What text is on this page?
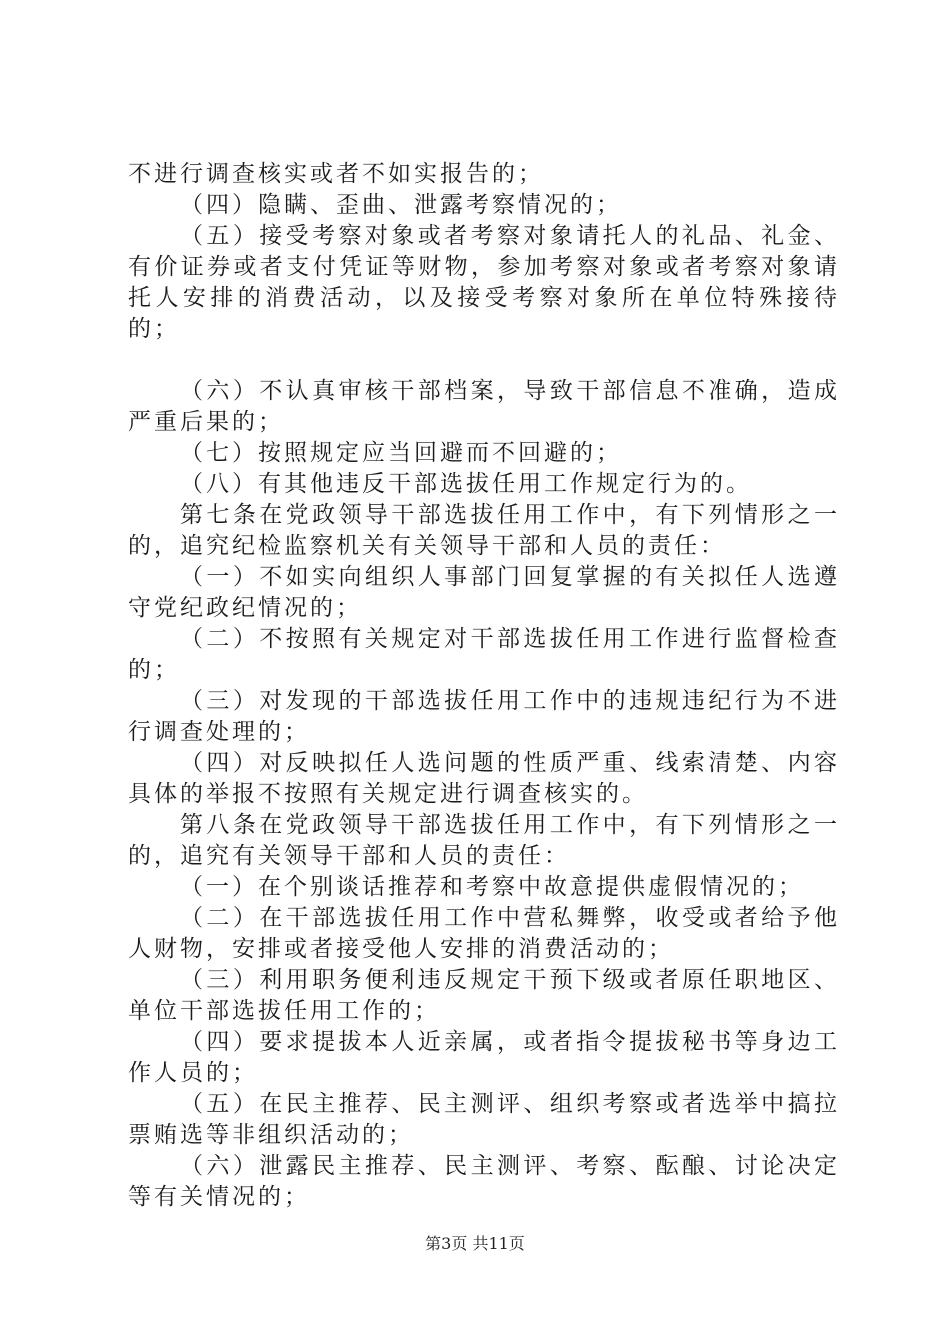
不进行调查核实或者不如实报告的；

（四）隐瞒、歪曲、泄露考察情况的；

（五）接受考察对象或者考察对象请托人的礼品、礼金、有价证券或者支付凭证等财物，参加考察对象或者考察对象请托人安排的消费活动，以及接受考察对象所在单位特殊接待的；

（六）不认真审核干部档案，导致干部信息不准确，造成严重后果的；

（七）按照规定应当回避而不回避的；

（八）有其他违反干部选拔任用工作规定行为的。

第七条在党政领导干部选拔任用工作中，有下列情形之一的，追究纪检监察机关有关领导干部和人员的责任：

（一）不如实向组织人事部门回复掌握的有关拟任人选遵守党纪政纪情况的；

（二）不按照有关规定对干部选拔任用工作进行监督检查的；

（三）对发现的干部选拔任用工作中的违规违纪行为不进行调查处理的；

（四）对反映拟任人选问题的性质严重、线索清楚、内容具体的举报不按照有关规定进行调查核实的。

第八条在党政领导干部选拔任用工作中，有下列情形之一的，追究有关领导干部和人员的责任：

（一）在个别谈话推荐和考察中故意提供虚假情况的；

（二）在干部选拔任用工作中营私舞弊，收受或者给予他人财物，安排或者接受他人安排的消费活动的；

（三）利用职务便利违反规定干预下级或者原任职地区、单位干部选拔任用工作的；

（四）要求提拔本人近亲属，或者指令提拔秘书等身边工作人员的；

（五）在民主推荐、民主测评、组织考察或者选举中搞拉票贿选等非组织活动的；

（六）泄露民主推荐、民主测评、考察、酝酿、讨论决定等有关情况的；

第3页 共11页
